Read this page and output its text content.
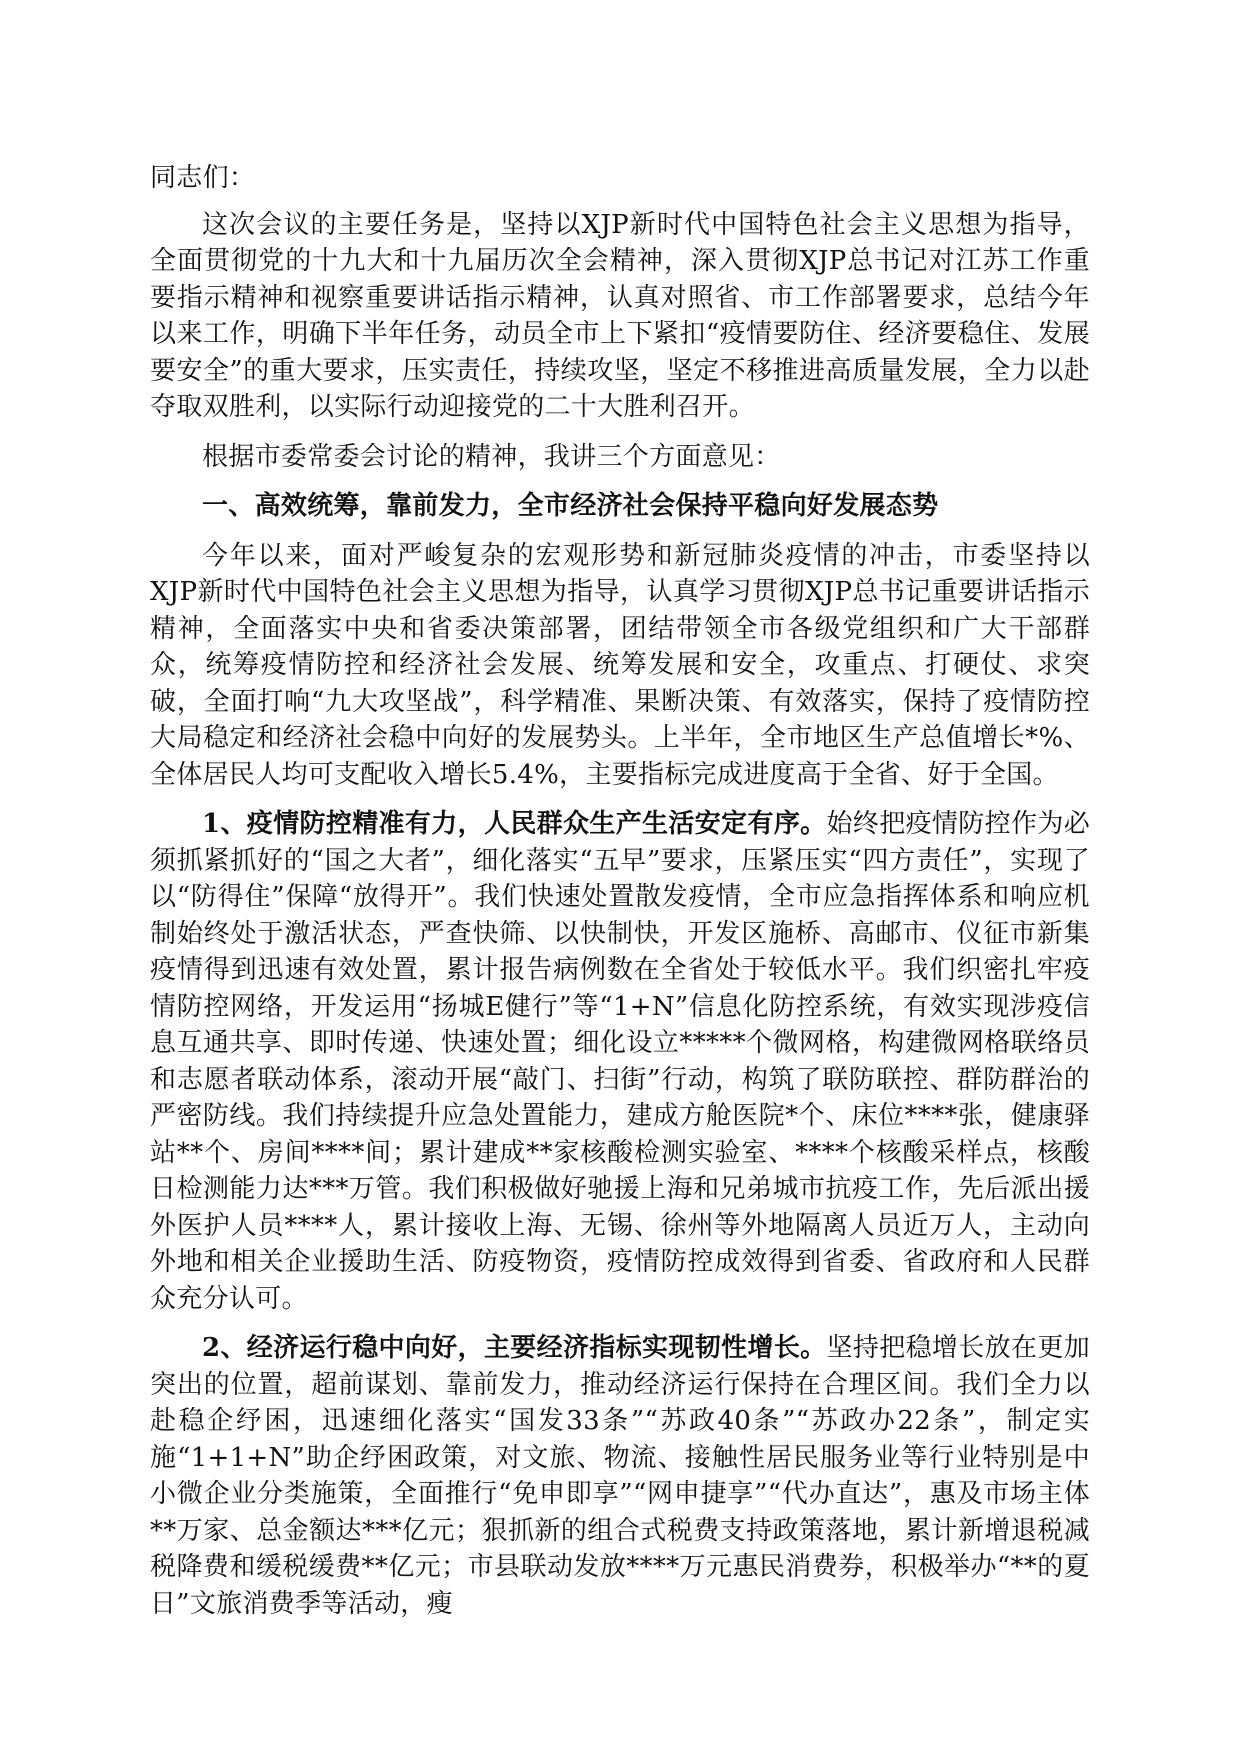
同志们：

这次会议的主要任务是，坚持以XJP新时代中国特色社会主义思想为指导，全面贯彻党的十九大和十九届历次全会精神，深入贯彻XJP总书记对江苏工作重要指示精神和视察重要讲话指示精神，认真对照省、市工作部署要求，总结今年以来工作，明确下半年任务，动员全市上下紧扣“疫情要防住、经济要稳住、发展要安全”的重大要求，压实责任，持续攻坚，坚定不移推进高质量发展，全力以赴夺取双胜利，以实际行动迎接党的二十大胜利召开。

根据市委常委会讨论的精神，我讲三个方面意见：

一、高效统筹，靠前发力，全市经济社会保持平稳向好发展态势

今年以来，面对严峻复杂的宏观形势和新冠肺炎疫情的冲击，市委坚持以XJP新时代中国特色社会主义思想为指导，认真学习贯彻XJP总书记重要讲话指示精神，全面落实中央和省委决策部署，团结带领全市各级党组织和广大干部群众，统筹疫情防控和经济社会发展、统筹发展和安全，攻重点、打硬仗、求突破，全面打响“九大攻坚战”，科学精准、果断决策、有效落实，保持了疫情防控大局稳定和经济社会稳中向好的发展势头。上半年，全市地区生产总值增长*%、全体居民人均可支配收入增长5.4%，主要指标完成进度高于全省、好于全国。

1、疫情防控精准有力，人民群众生产生活安定有序。始终把疫情防控作为必须抓紧抓好的“国之大者”，细化落实“五早”要求，压紧压实“四方责任”，实现了以“防得住”保障“放得开”。我们快速处置散发疫情，全市应急指挥体系和响应机制始终处于激活状态，严查快筛、以快制快，开发区施桥、高邮市、仪征市新集疫情得到迅速有效处置，累计报告病例数在全省处于较低水平。我们织密扎牢疫情防控网络，开发运用“扬城E健行”等“1+N”信息化防控系统，有效实现涉疫信息互通共享、即时传递、快速处置；细化设立*****个微网格，构建微网格联络员和志愿者联动体系，滚动开展“敲门、扫街”行动，构筑了联防联控、群防群治的严密防线。我们持续提升应急处置能力，建成方舱医院*个、床位****张，健康驿站**个、房间****间；累计建成**家核酸检测实验室、****个核酸采样点，核酸日检测能力达***万管。我们积极做好驰援上海和兄弟城市抗疫工作，先后派出援外医护人员****人，累计接收上海、无锡、徐州等外地隔离人员近万人，主动向外地和相关企业援助生活、防疫物资，疫情防控成效得到省委、省政府和人民群众充分认可。

2、经济运行稳中向好，主要经济指标实现韧性增长。坚持把稳增长放在更加突出的位置，超前谋划、靠前发力，推动经济运行保持在合理区间。我们全力以赴稳企纾困，迅速细化落实“国发33条”“苏政40条”“苏政办22条”，制定实施“1+1+N”助企纾困政策，对文旅、物流、接触性居民服务业等行业特别是中小微企业分类施策，全面推行“免申即享”“网申捷享”“代办直达”，惠及市场主体**万家、总金额达***亿元；狠抓新的组合式税费支持政策落地，累计新增退税减税降费和缓税缓费**亿元；市县联动发放****万元惠民消费券，积极举办“**的夏日”文旅消费季等活动，瘦
